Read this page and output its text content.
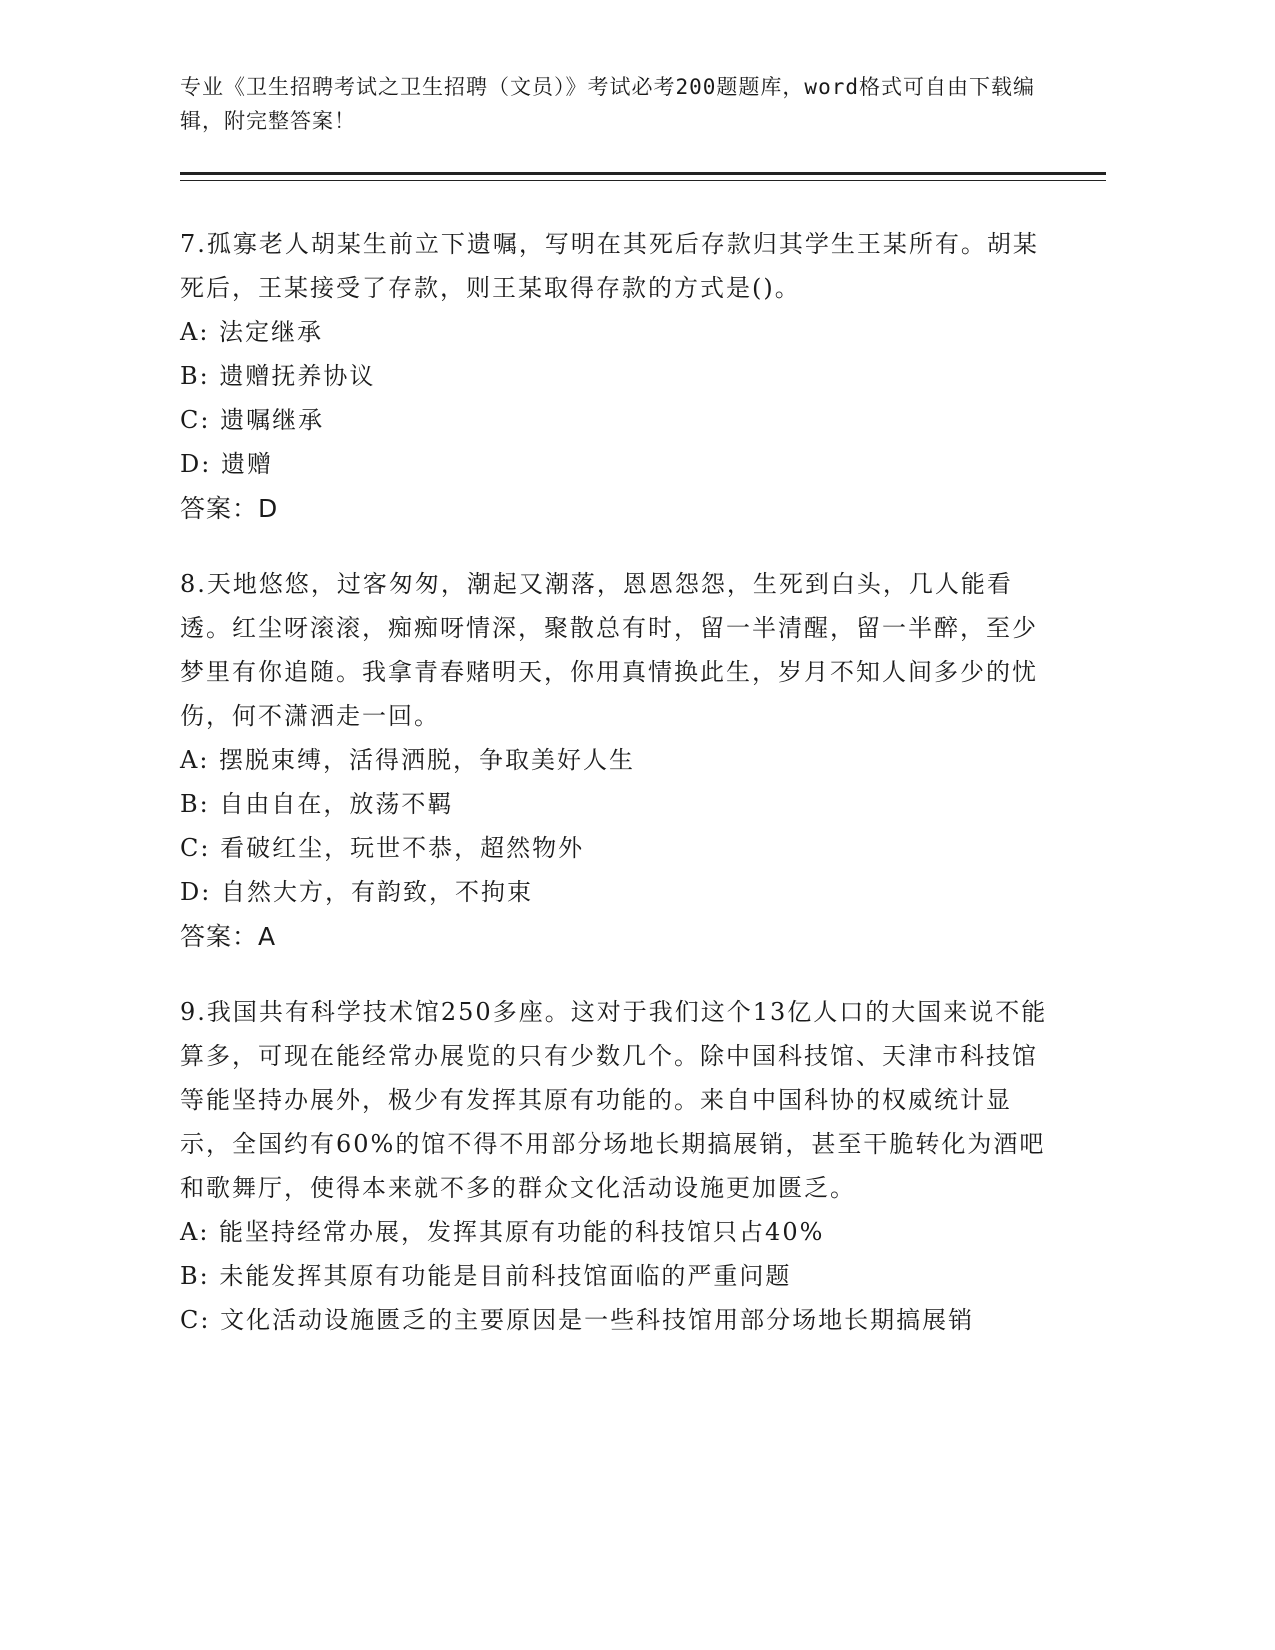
专业《卫生招聘考试之卫生招聘（文员）》考试必考200题题库，word格式可自由下载编辑，附完整答案！
7.孤寡老人胡某生前立下遗嘱，写明在其死后存款归其学生王某所有。胡某死后，王某接受了存款，则王某取得存款的方式是()。
A: 法定继承
B: 遗赠抚养协议
C: 遗嘱继承
D: 遗赠
答案：D
8.天地悠悠，过客匆匆，潮起又潮落，恩恩怨怨，生死到白头，几人能看透。红尘呀滚滚，痴痴呀情深，聚散总有时，留一半清醒，留一半醉，至少梦里有你追随。我拿青春赌明天，你用真情换此生，岁月不知人间多少的忧伤，何不潇洒走一回。
A: 摆脱束缚，活得洒脱，争取美好人生
B: 自由自在，放荡不羁
C: 看破红尘，玩世不恭，超然物外
D: 自然大方，有韵致，不拘束
答案：A
9.我国共有科学技术馆250多座。这对于我们这个13亿人口的大国来说不能算多，可现在能经常办展览的只有少数几个。除中国科技馆、天津市科技馆等能坚持办展外，极少有发挥其原有功能的。来自中国科协的权威统计显示，全国约有60%的馆不得不用部分场地长期搞展销，甚至干脆转化为酒吧和歌舞厅，使得本来就不多的群众文化活动设施更加匮乏。
A: 能坚持经常办展，发挥其原有功能的科技馆只占40%
B: 未能发挥其原有功能是目前科技馆面临的严重问题
C: 文化活动设施匮乏的主要原因是一些科技馆用部分场地长期搞展销
